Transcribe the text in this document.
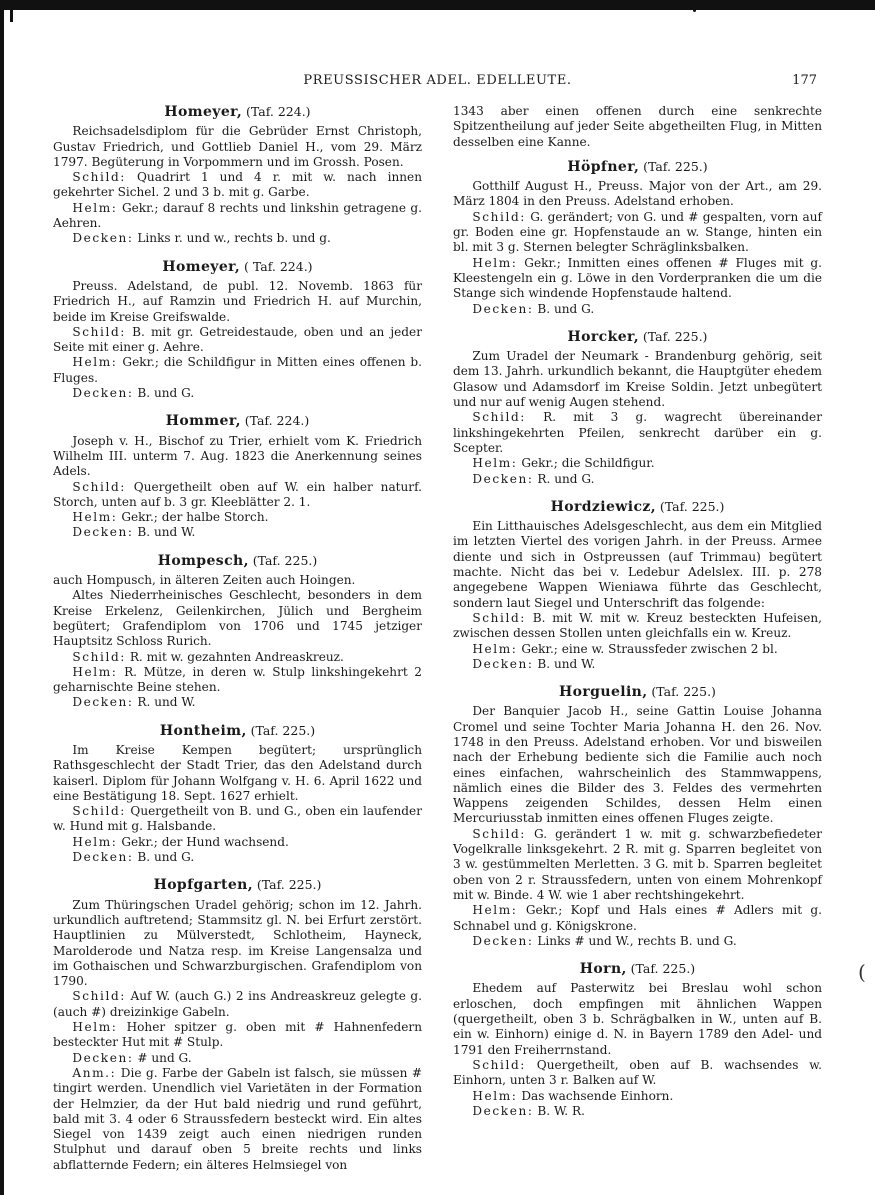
PREUSSISCHER ADEL. EDELLEUTE.	177
Homeyer, (Taf. 224.)

Reichsadelsdiplom für die Gebrüder Ernst Christoph, Gustav Friedrich, und Gottlieb Daniel H., vom 29. März 1797. Begüterung in Vorpommern und im Grossh. Posen.

Schild: Quadrirt 1 und 4 r. mit w. nach innen gekehrter Sichel. 2 und 3 b. mit g. Garbe.

Helm: Gekr.; darauf 8 rechts und linkshin getragene g. Aehren.

Decken: Links r. und w., rechts b. und g.

Homeyer, ( Taf. 224.)

Preuss. Adelstand, de publ. 12. Novemb. 1863 für Friedrich H., auf Ramzin und Friedrich H. auf Murchin, beide im Kreise Greifswalde.

Schild: B. mit gr. Getreidestaude, oben und an jeder Seite mit einer g. Aehre.

Helm: Gekr.; die Schildfigur in Mitten eines offenen b. Fluges.

Decken: B. und G.

Hommer, (Taf. 224.)

Joseph v. H., Bischof zu Trier, erhielt vom K. Friedrich Wilhelm III. unterm 7. Aug. 1823 die Anerkennung seines Adels.

Schild: Quergetheilt oben auf W. ein halber naturf. Storch, unten auf b. 3 gr. Kleeblätter 2. 1.

Helm: Gekr.; der halbe Storch.

Decken: B. und W.

Hompesch, (Taf. 225.)

auch Hompusch, in älteren Zeiten auch Hoingen.

Altes Niederrheinisches Geschlecht, besonders in dem Kreise Erkelenz, Geilenkirchen, Jülich und Bergheim begütert; Grafendiplom von 1706 und 1745 jetziger Hauptsitz Schloss Rurich.

Schild: R. mit w. gezahnten Andreaskreuz.

Helm: R. Mütze, in deren w. Stulp linkshingekehrt 2 geharnischte Beine stehen.

Decken: R. und W.

Hontheim, (Taf. 225.)

Im Kreise Kempen begütert; ursprünglich Rathsgeschlecht der Stadt Trier, das den Adelstand durch kaiserl. Diplom für Johann Wolfgang v. H. 6. April 1622 und eine Bestätigung 18. Sept. 1627 erhielt.

Schild: Quergetheilt von B. und G., oben ein laufender w. Hund mit g. Halsbande.

Helm: Gekr.; der Hund wachsend.

Decken: B. und G.

Hopfgarten, (Taf. 225.)

Zum Thüringschen Uradel gehörig; schon im 12. Jahrh. urkundlich auftretend; Stammsitz gl. N. bei Erfurt zerstört. Hauptlinien zu Mülverstedt, Schlotheim, Hayneck, Marolderode und Natza resp. im Kreise Langensalza und im Gothaischen und Schwarzburgischen. Grafendiplom von 1790.

Schild: Auf W. (auch G.) 2 ins Andreaskreuz gelegte g. (auch #) dreizinkige Gabeln.

Helm: Hoher spitzer g. oben mit # Hahnenfedern besteckter Hut mit # Stulp.

Decken: # und G.

Anm.: Die g. Farbe der Gabeln ist falsch, sie müssen # tingirt werden. Unendlich viel Varietäten in der Formation der Helmzier, da der Hut bald niedrig und rund geführt, bald mit 3. 4 oder 6 Straussfedern besteckt wird. Ein altes Siegel von 1439 zeigt auch einen niedrigen runden Stulphut und darauf oben 5 breite rechts und links abflatternde Federn; ein älteres Helmsiegel von

1343 aber einen offenen durch eine senkrechte Spitzentheilung auf jeder Seite abgetheilten Flug, in Mitten desselben eine Kanne.

Höpfner, (Taf. 225.)

Gotthilf August H., Preuss. Major von der Art., am 29. März 1804 in den Preuss. Adelstand erhoben.

Schild: G. gerändert; von G. und # gespalten, vorn auf gr. Boden eine gr. Hopfenstaude an w. Stange, hinten ein bl. mit 3 g. Sternen belegter Schräglinksbalken.

Helm: Gekr.; Inmitten eines offenen # Fluges mit g. Kleestengeln ein g. Löwe in den Vorderpranken die um die Stange sich windende Hopfenstaude haltend.

Decken: B. und G.

Horcker, (Taf. 225.)

Zum Uradel der Neumark - Brandenburg gehörig, seit dem 13. Jahrh. urkundlich bekannt, die Hauptgüter ehedem Glasow und Adamsdorf im Kreise Soldin. Jetzt unbegütert und nur auf wenig Augen stehend.

Schild: R. mit 3 g. wagrecht übereinander linkshingekehrten Pfeilen, senkrecht darüber ein g. Scepter.

Helm: Gekr.; die Schildfigur.

Decken: R. und G.

Hordziewicz, (Taf. 225.)

Ein Litthauisches Adelsgeschlecht, aus dem ein Mitglied im letzten Viertel des vorigen Jahrh. in der Preuss. Armee diente und sich in Ostpreussen (auf Trimmau) begütert machte. Nicht das bei v. Ledebur Adelslex. III. p. 278 angegebene Wappen Wieniawa führte das Geschlecht, sondern laut Siegel und Unterschrift das folgende:

Schild: B. mit W. mit w. Kreuz besteckten Hufeisen, zwischen dessen Stollen unten gleichfalls ein w. Kreuz.

Helm: Gekr.; eine w. Straussfeder zwischen 2 bl.

Decken: B. und W.

Horguelin, (Taf. 225.)

Der Banquier Jacob H., seine Gattin Louise Johanna Cromel und seine Tochter Maria Johanna H. den 26. Nov. 1748 in den Preuss. Adelstand erhoben. Vor und bisweilen nach der Erhebung bediente sich die Familie auch noch eines einfachen, wahrscheinlich des Stammwappens, nämlich eines die Bilder des 3. Feldes des vermehrten Wappens zeigenden Schildes, dessen Helm einen Mercuriusstab inmitten eines offenen Fluges zeigte.

Schild: G. gerändert 1 w. mit g. schwarzbefiedeter Vogelkralle linksgekehrt. 2 R. mit g. Sparren begleitet von 3 w. gestümmelten Merletten. 3 G. mit b. Sparren begleitet oben von 2 r. Straussfedern, unten von einem Mohrenkopf mit w. Binde. 4 W. wie 1 aber rechtshingekehrt.

Helm: Gekr.; Kopf und Hals eines # Adlers mit g. Schnabel und g. Königskrone.

Decken: Links # und W., rechts B. und G.

Horn, (Taf. 225.)

Ehedem auf Pasterwitz bei Breslau wohl schon erloschen, doch empfingen mit ähnlichen Wappen (quergetheilt, oben 3 b. Schrägbalken in W., unten auf B. ein w. Einhorn) einige d. N. in Bayern 1789 den Adel- und 1791 den Freiherrnstand.

Schild: Quergetheilt, oben auf B. wachsendes w. Einhorn, unten 3 r. Balken auf W.

Helm: Das wachsende Einhorn.

Decken: B. W. R.

(
